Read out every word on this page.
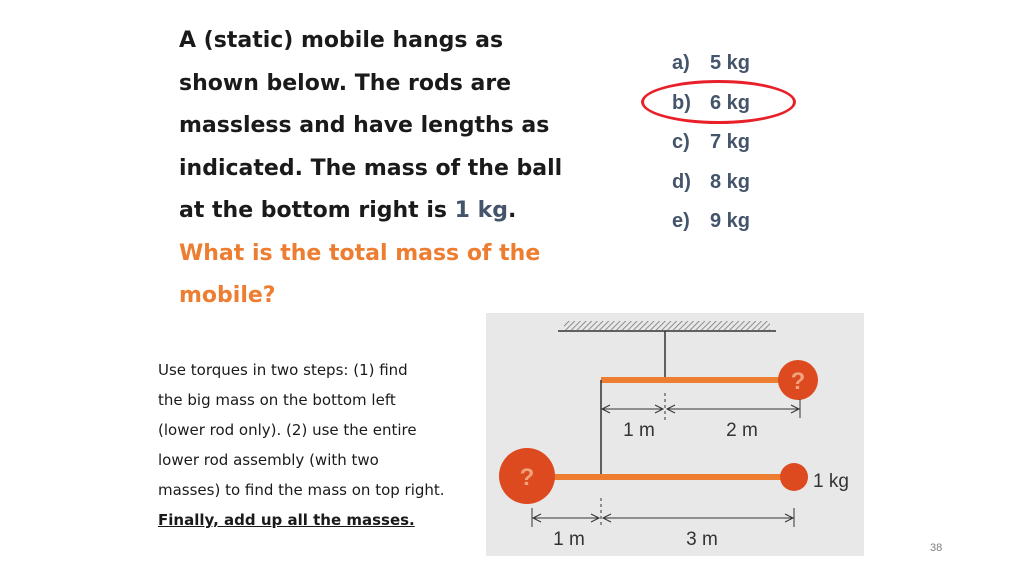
A (static) mobile hangs as
shown below. The rods are
massless and have lengths as
indicated. The mass of the ball
at the bottom right is 1 kg.
What is the total mass of the
mobile?
a) 5 kg
b) 6 kg
c) 7 kg
d) 8 kg
e) 9 kg
Use torques in two steps: (1) find
the big mass on the bottom left
(lower rod only). (2) use the entire
lower rod assembly (with two
masses) to find the mass on top right.
Finally, add up all the masses.
?
1 m	2 m
?	1 kg
1 m	3 m	38
